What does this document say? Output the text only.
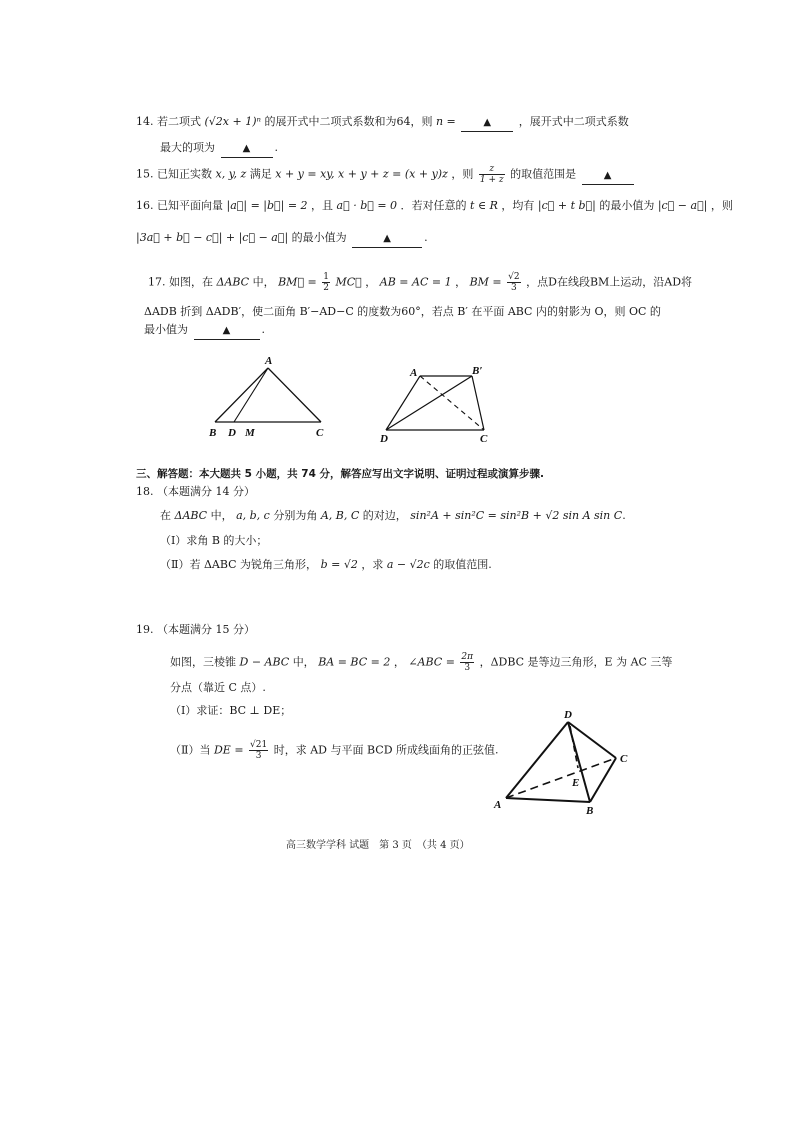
14. 若二项式 (√2x + 1)ⁿ 的展开式中二项式系数和为64，则 n =	▲	，展开式中二项式系数
最大的项为	▲ .
15. 已知正实数 x, y, z 满足 x + y = xy, x + y + z = (x + y)z ，则 $\frac{z}{1 + z}$ 的取值范围是	▲
16. 已知平面向量 |a⃗| = |b⃗| = 2 ，且 a⃗ · b⃗ = 0 ．若对任意的 t ∈ R ，均有 |c⃗ + t b⃗| 的最小值为 |c⃗ − a⃗| ，则
|3a⃗ + b⃗ − c⃗| + |c⃗ − a⃗| 的最小值为	▲	.
17. 如图，在 ΔABC 中， BM⃗ = $\frac{1}{2}$ MC⃗ ， AB = AC = 1 ， BM = $\frac{√2}{3}$ ，点D在线段BM上运动，沿AD将
ΔADB 折到 ΔADB′，使二面角 B′−AD−C 的度数为60°，若点 B′ 在平面 ABC 内的射影为 O，则 OC 的
最小值为	▲	.
A
B D M	C
A	B′
D	C
三、解答题：本大题共 5 小题，共 74 分，解答应写出文字说明、证明过程或演算步骤.
18. （本题满分 14 分）
在 ΔABC 中， a, b, c 分别为角 A, B, C 的对边， sin²A + sin²C = sin²B + √2 sin A sin C.
（Ⅰ）求角 B 的大小；
（Ⅱ）若 ΔABC 为锐角三角形， b = √2 ，求 a − √2c 的取值范围.
19. （本题满分 15 分）
如图，三棱锥 D − ABC 中， BA = BC = 2 ， ∠ABC = $\frac{2\pi}{3}$ ，ΔDBC 是等边三角形，E 为 AC 三等
分点（靠近 C 点）.
（Ⅰ）求证：BC ⊥ DE；
（Ⅱ）当 DE = $\frac{√21}{3}$ 时，求 AD 与平面 BCD 所成线面角的正弦值.
D
C
E
A	B
高三数学学科 试题　第 3 页　（共 4 页）
